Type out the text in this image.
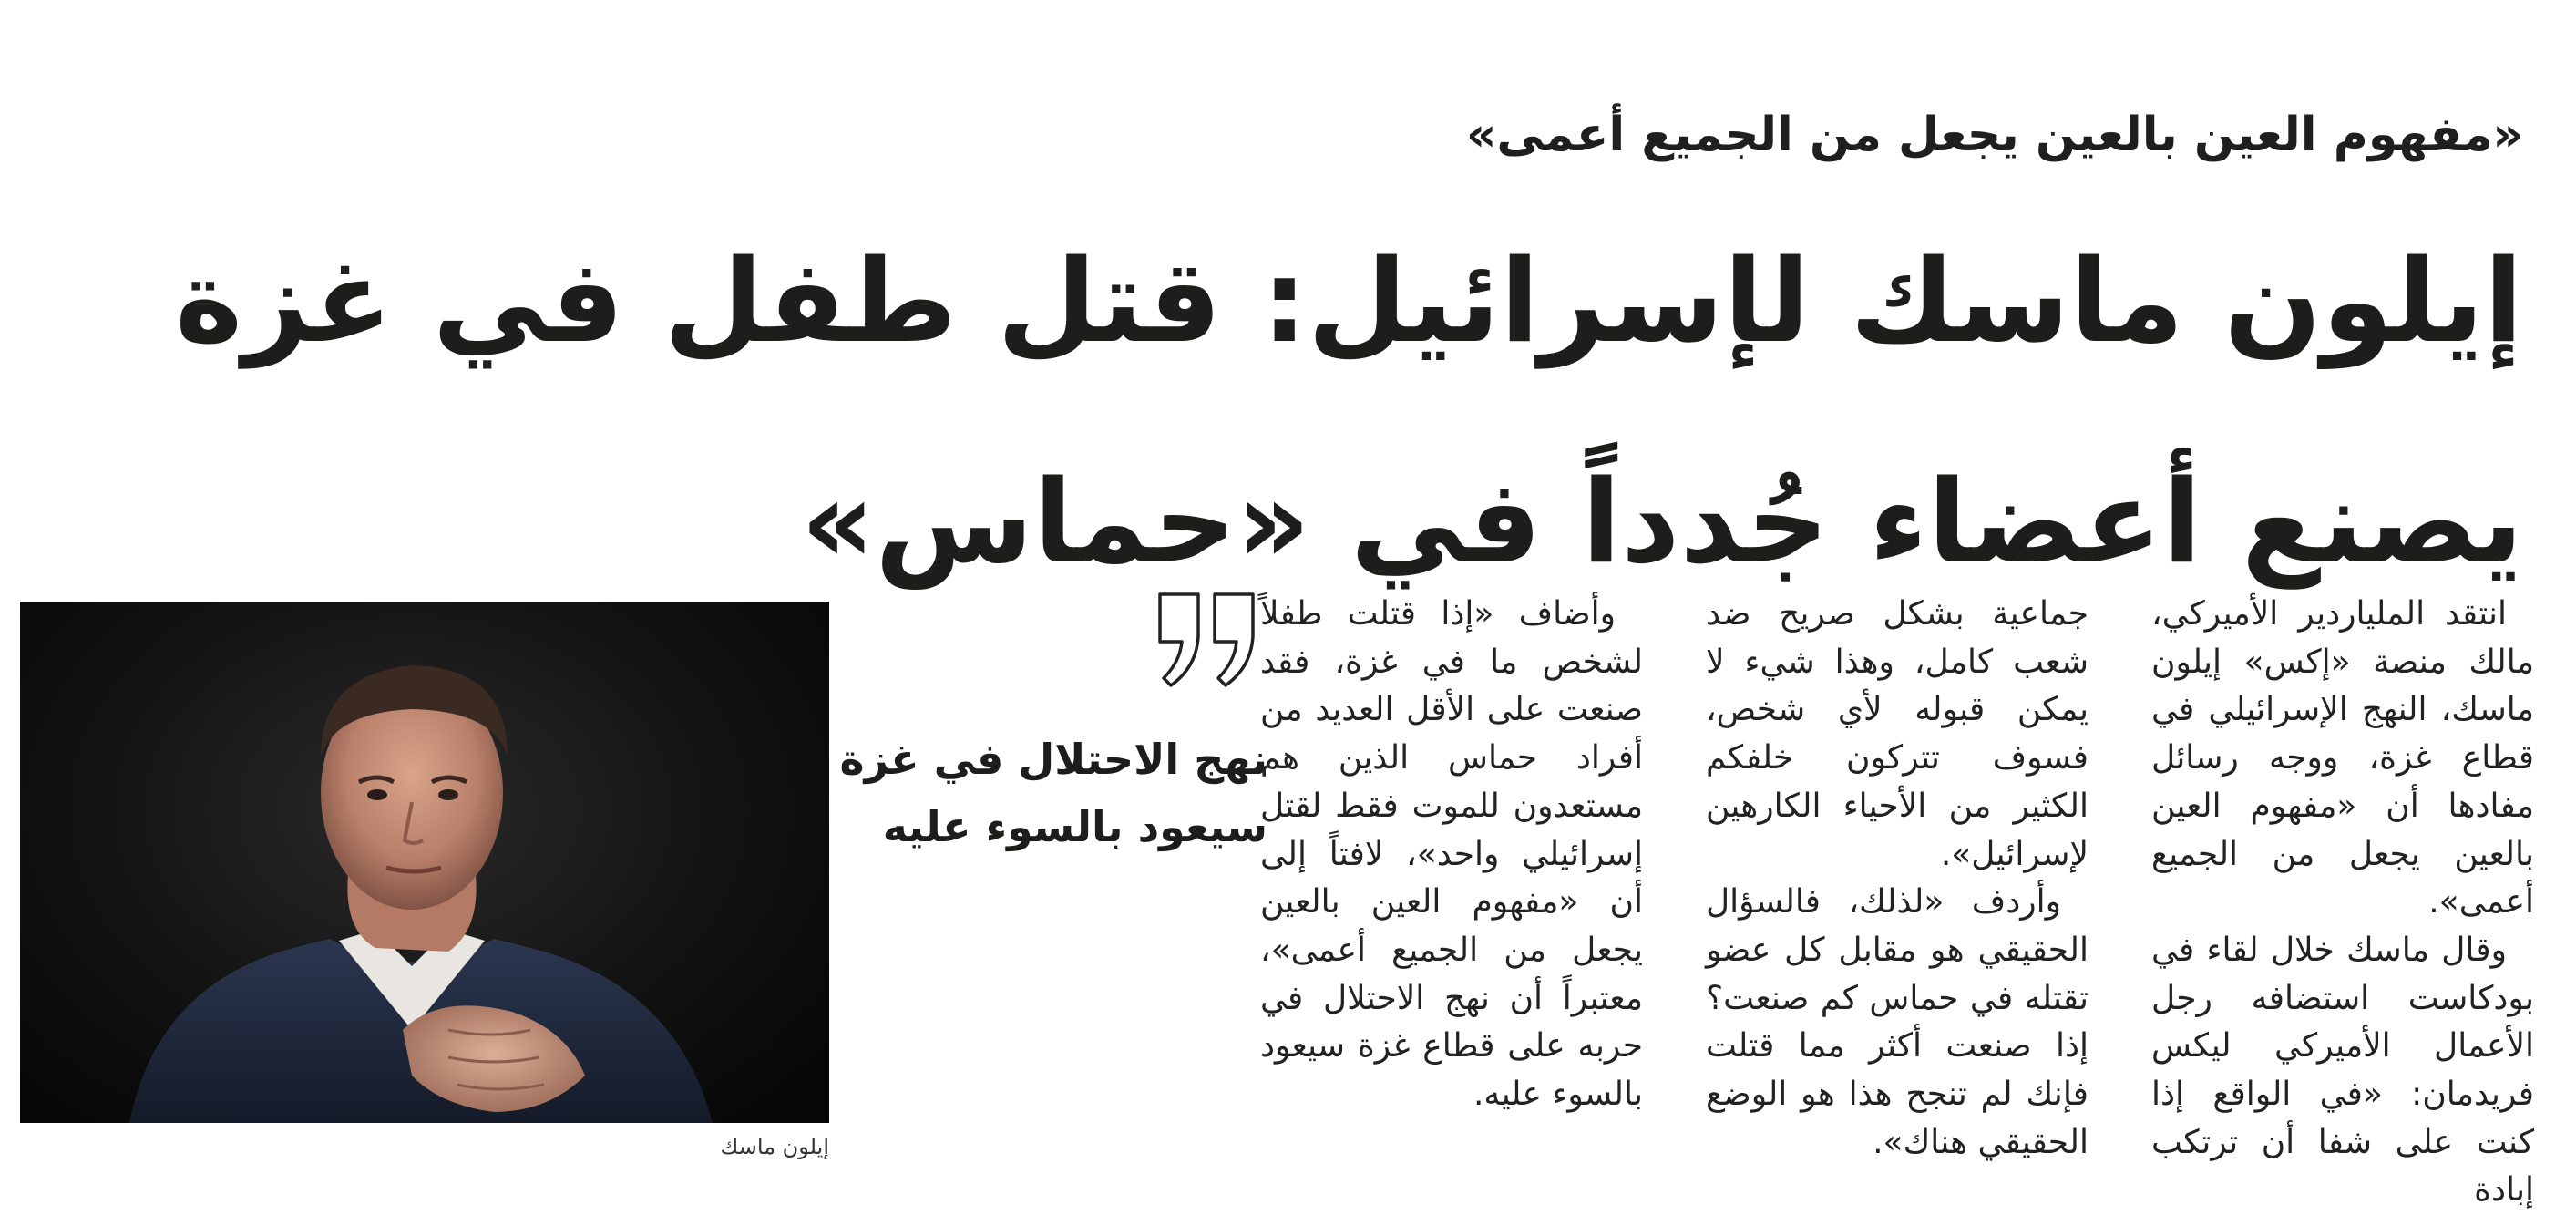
«مفهوم العين بالعين يجعل من الجميع أعمى»
إيلون ماسك لإسرائيل: قتل طفل في غزة
يصنع أعضاء جُدداً في «حماس»

انتقد الملياردير الأميركي، مالك منصة «إكس» إيلون ماسك، النهج الإسرائيلي في قطاع غزة، ووجه رسائل مفادها أن «مفهوم العين بالعين يجعل من الجميع أعمى».

وقال ماسك خلال لقاء في بودكاست استضافه رجل الأعمال الأميركي ليكس فريدمان: «في الواقع إذا كنت على شفا أن ترتكب إبادة

جماعية بشكل صريح ضد شعب كامل، وهذا شيء لا يمكن قبوله لأي شخص، فسوف تتركون خلفكم الكثير من الأحياء الكارهين لإسرائيل».

وأردف «لذلك، فالسؤال الحقيقي هو مقابل كل عضو تقتله في حماس كم صنعت؟ إذا صنعت أكثر مما قتلت فإنك لم تنجح هذا هو الوضع الحقيقي هناك».

وأضاف «إذا قتلت طفلاً لشخص ما في غزة، فقد صنعت على الأقل العديد من أفراد حماس الذين هم مستعدون للموت فقط لقتل إسرائيلي واحد»، لافتاً إلى أن «مفهوم العين بالعين يجعل من الجميع أعمى»، معتبراً أن نهج الاحتلال في حربه على قطاع غزة سيعود بالسوء عليه.

نهج الاحتلال في غزة
سيعود بالسوء عليه
إيلون ماسك
